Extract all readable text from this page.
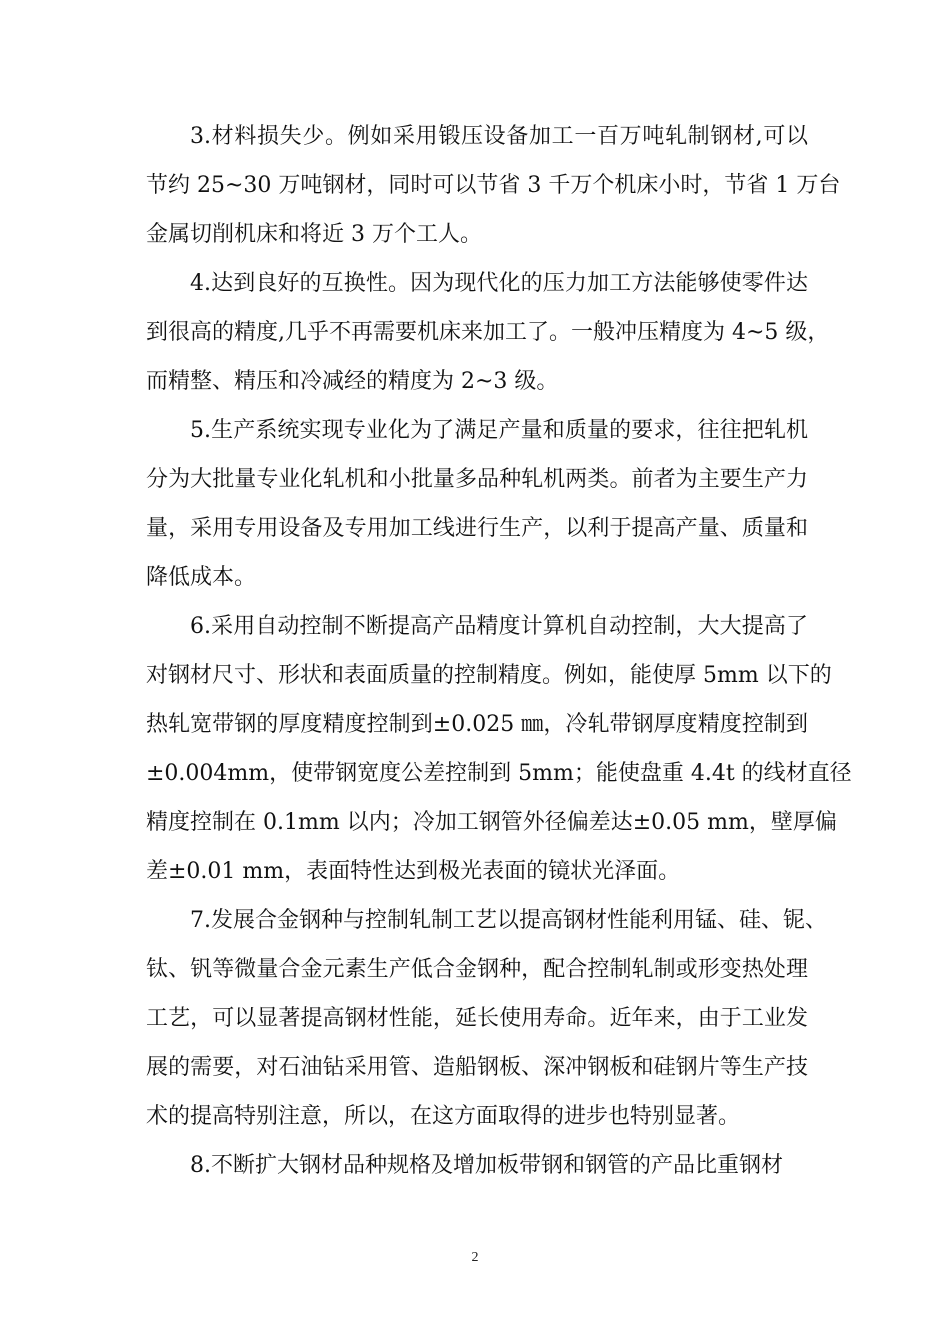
3.材料损失少。例如采用锻压设备加工一百万吨轧制钢材,可以
节约 25~30 万吨钢材，同时可以节省 3 千万个机床小时，节省 1 万台
金属切削机床和将近 3 万个工人。

4.达到良好的互换性。因为现代化的压力加工方法能够使零件达
到很高的精度,几乎不再需要机床来加工了。一般冲压精度为 4~5 级，
而精整、精压和冷减经的精度为 2~3 级。

5.生产系统实现专业化为了满足产量和质量的要求，往往把轧机
分为大批量专业化轧机和小批量多品种轧机两类。前者为主要生产力
量，采用专用设备及专用加工线进行生产，以利于提高产量、质量和
降低成本。

6.采用自动控制不断提高产品精度计算机自动控制，大大提高了
对钢材尺寸、形状和表面质量的控制精度。例如，能使厚 5mm 以下的
热轧宽带钢的厚度精度控制到±0.025 ㎜，冷轧带钢厚度精度控制到
±0.004mm，使带钢宽度公差控制到 5mm；能使盘重 4.4t 的线材直径
精度控制在 0.1mm 以内；冷加工钢管外径偏差达±0.05 mm，壁厚偏
差±0.01 mm，表面特性达到极光表面的镜状光泽面。

7.发展合金钢种与控制轧制工艺以提高钢材性能利用锰、硅、铌、
钛、钒等微量合金元素生产低合金钢种，配合控制轧制或形变热处理
工艺，可以显著提高钢材性能，延长使用寿命。近年来，由于工业发
展的需要，对石油钻采用管、造船钢板、深冲钢板和硅钢片等生产技
术的提高特别注意，所以，在这方面取得的进步也特别显著。

8.不断扩大钢材品种规格及增加板带钢和钢管的产品比重钢材

2
